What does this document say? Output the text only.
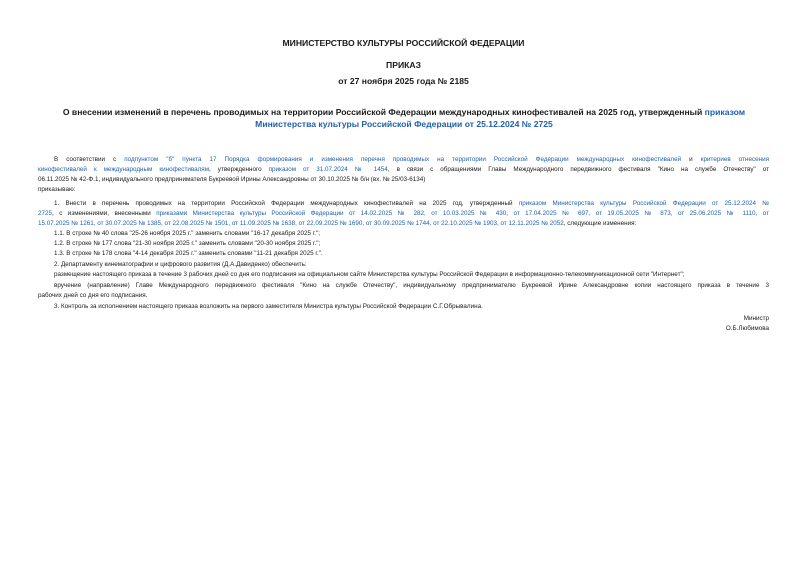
МИНИСТЕРСТВО КУЛЬТУРЫ РОССИЙСКОЙ ФЕДЕРАЦИИ
ПРИКАЗ
от 27 ноября 2025 года № 2185
О внесении изменений в перечень проводимых на территории Российской Федерации международных кинофестивалей на 2025 год, утвержденный приказом Министерства культуры Российской Федерации от 25.12.2024 № 2725
В соответствии с подпунктом "б" пункта 17 Порядка формирования и изменения перечня проводимых на территории Российской Федерации международных кинофестивалей и критериев отнесения
кинофестивалей к международным кинофестивалям, утвержденного приказом от 31.07.2024 № 1454, в связи с обращениями Главы Международного передвижного фестиваля "Кино на службе Отечеству" от
06.11.2025 № 42-Ф.1, индивидуального предпринимателя Букреевой Ирины Александровны от 30.10.2025 № б/н (вх. № 25/03-6134)
приказываю:
1. Внести в перечень проводимых на территории Российской Федерации международных кинофестивалей на 2025 год, утвержденный приказом Министерства культуры Российской Федерации от 25.12.2024 №
2725, с изменениями, внесенными приказами Министерства культуры Российской Федерации от 14.02.2025 № 282, от 10.03.2025 № 430, от 17.04.2025 № 697, от 19.05.2025 № 873, от 25.06.2025 № 1110, от
15.07.2025 № 1261, от 30.07.2025 № 1385, от 22.08.2025 № 1501, от 11.09.2025 № 1638, от 22.09.2025 № 1690, от 30.09.2025 № 1744, от 22.10.2025 № 1903, от 12.11.2025 № 2052, следующие изменения:
1.1. В строке № 40 слова "25-26 ноября 2025 г." заменить словами "16-17 декабря 2025 г.";
1.2. В строке № 177 слова "21-30 ноября 2025 г." заменить словами "20-30 ноября 2025 г.";
1.3. В строке № 178 слова "4-14 декабря 2025 г." заменить словами "11-21 декабря 2025 г.".
2. Департаменту кинематографии и цифрового развития (Д.А.Давиденко) обеспечить:
размещение настоящего приказа в течение 3 рабочих дней со дня его подписания на официальном сайте Министерства культуры Российской Федерации в информационно-телекоммуникационной сети "Интернет";
вручение (направление) Главе Международного передвижного фестиваля "Кино на службе Отечеству", индивидуальному предпринимателю Букреевой Ирине Александровне копии настоящего приказа в течение 3
рабочих дней со дня его подписания.
3. Контроль за исполнением настоящего приказа возложить на первого заместителя Министра культуры Российской Федерации С.Г.Обрывалина.
Министр
О.Б.Любимова
